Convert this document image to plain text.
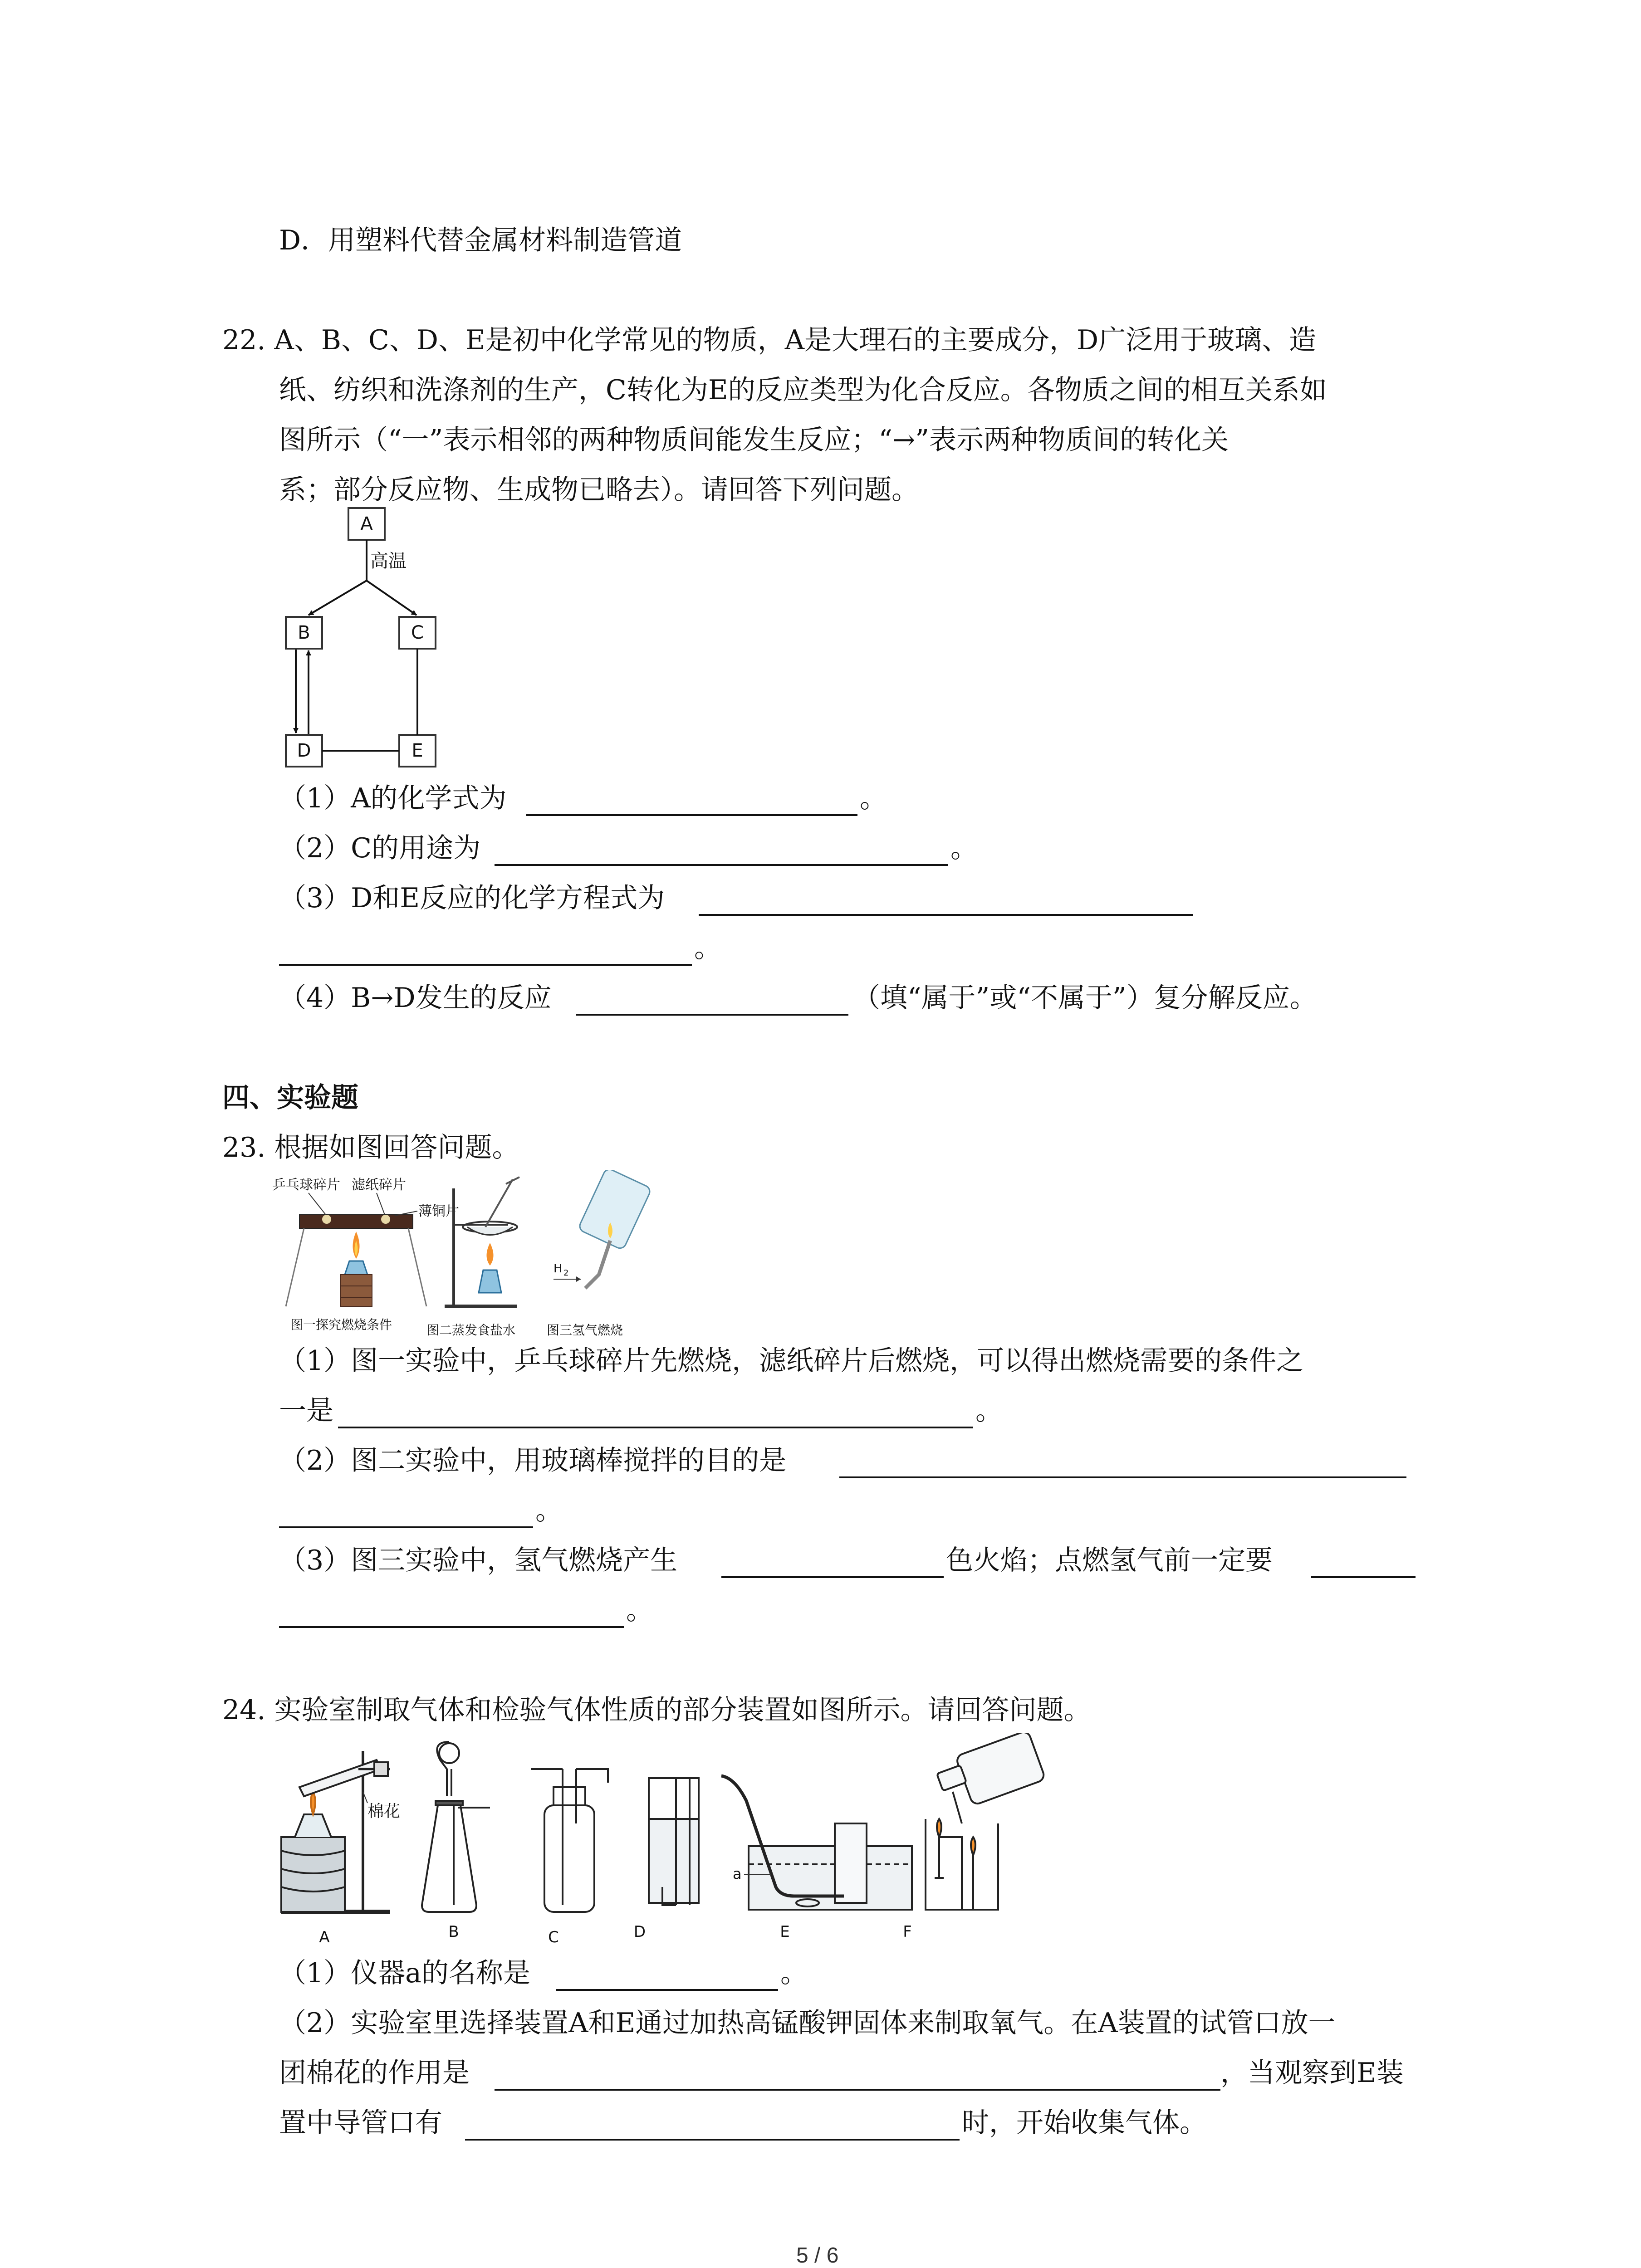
D．用塑料代替金属材料制造管道
22. A、B、C、D、E是初中化学常见的物质，A是大理石的主要成分，D广泛用于玻璃、造
纸、纺织和洗涤剂的生产，C转化为E的反应类型为化合反应。各物质之间的相互关系如
图所示（“一”表示相邻的两种物质间能发生反应；“→”表示两种物质间的转化关
系；部分反应物、生成物已略去）。请回答下列问题。
A
B	C
D	E
高温
（1）A的化学式为	。
（2）C的用途为	。
（3）D和E反应的化学方程式为
。
（4）B→D发生的反应	（填“属于”或“不属于”）复分解反应。
四、实验题
23. 根据如图回答问题。
乒乓球碎片 滤纸碎片
薄铜片
H 2
图一探究燃烧条件	图二蒸发食盐水 图三氢气燃烧
（1）图一实验中，乒乓球碎片先燃烧，滤纸碎片后燃烧，可以得出燃烧需要的条件之
一是	。
（2）图二实验中，用玻璃棒搅拌的目的是
。
（3）图三实验中，氢气燃烧产生	色火焰；点燃氢气前一定要
。
24. 实验室制取气体和检验气体性质的部分装置如图所示。请回答问题。
棉花
a
A	B	C	D	E	F
（1）仪器a的名称是	。
（2）实验室里选择装置A和E通过加热高锰酸钾固体来制取氧气。在A装置的试管口放一
团棉花的作用是	，当观察到E装
置中导管口有	时，开始收集气体。
5 / 6
